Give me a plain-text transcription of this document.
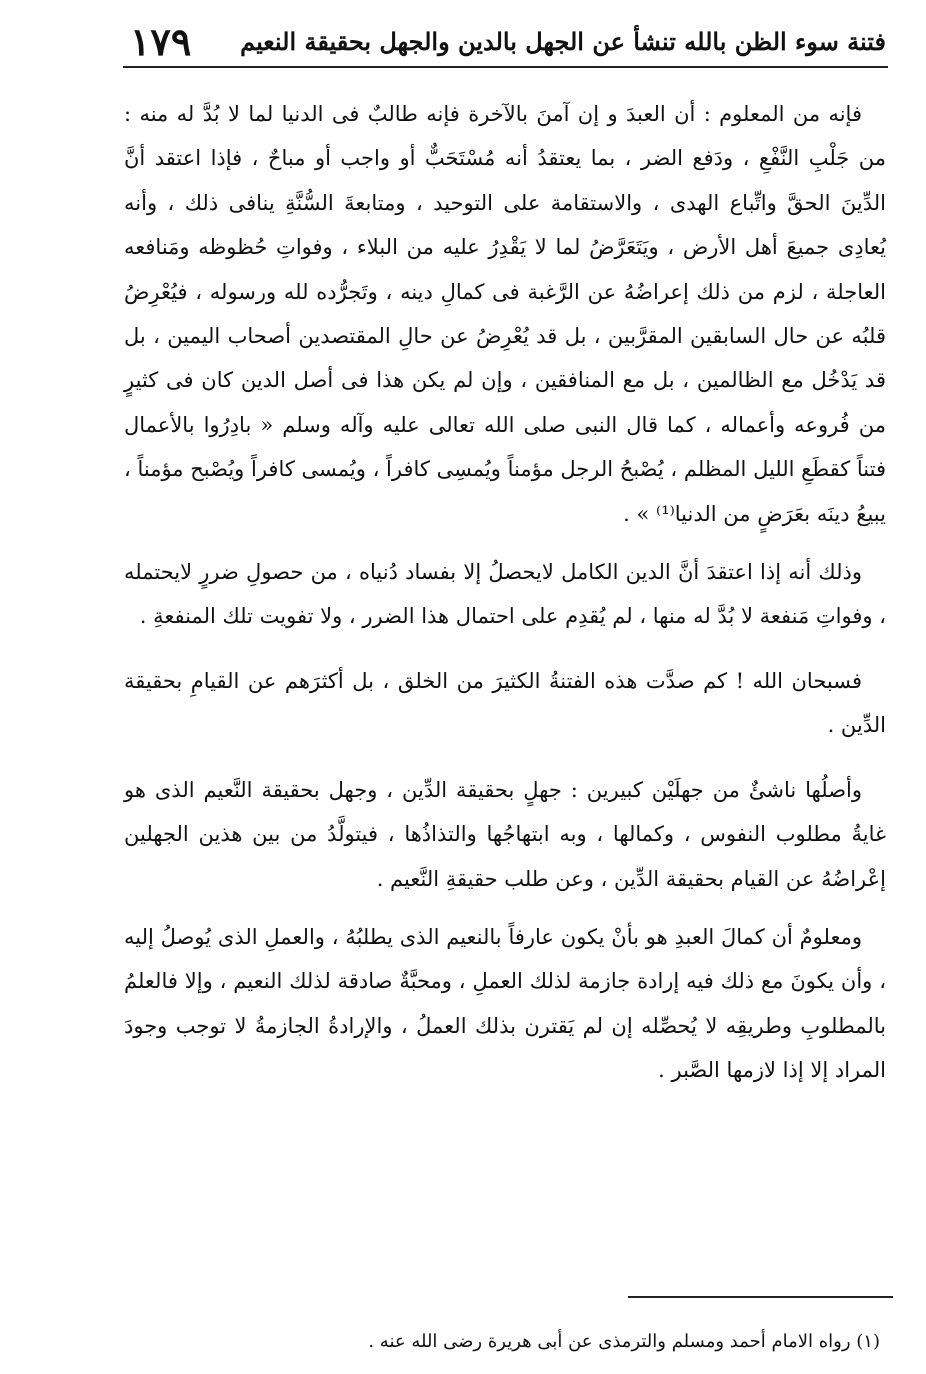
فتنة سوء الظن بالله تنشأ عن الجهل بالدين والجهل بحقيقة النعيم
١٧٩

فإنه من المعلوم : أن العبدَ و إن آمنَ بالآخرة فإنه طالبٌ فى الدنيا لما لا بُدَّ له منه : من جَلْبِ النَّفْعِ ، ودَفع الضر ، بما يعتقدُ أنه مُسْتَحَبٌّ أو واجب أو مباحٌ ، فإذا اعتقد أنَّ الدِّينَ الحقَّ واتِّباع الهدى ، والاستقامة على التوحيد ، ومتابعةَ السُّنَّةِ ينافى ذلك ، وأنه يُعادِى جميعَ أهل الأرض ، ويَتَعَرَّضُ لما لا يَقْدِرُ عليه من البلاء ، وفواتِ حُظوظه ومَنافعه العاجلة ، لزم من ذلك إعراضُهُ عن الرَّغبة فى كمالِ دينه ، وتَجرُّده لله ورسوله ، فيُعْرِضُ قلبُه عن حال السابقين المقرَّبين ، بل قد يُعْرِضُ عن حالِ المقتصدين أصحاب اليمين ، بل قد يَدْخُل مع الظالمين ، بل مع المنافقين ، وإن لم يكن هذا فى أصل الدين كان فى كثيرٍ من فُروعه وأعماله ، كما قال النبى صلى الله تعالى عليه وآله وسلم « بادِرُوا بالأعمال فتناً كقطَعِ الليل المظلم ، يُصْبحُ الرجل مؤمناً ويُمسِى كافراً ، ويُمسى كافراً ويُصْبح مؤمناً ، يبيعُ دينَه بعَرَضٍ من الدنيا⁽¹⁾ » .

وذلك أنه إذا اعتقدَ أنَّ الدين الكامل لايحصلُ إلا بفساد دُنياه ، من حصولِ ضررٍ لايحتمله ، وفواتِ مَنفعة لا بُدَّ له منها ، لم يُقدِم على احتمال هذا الضرر ، ولا تفويت تلك المنفعةِ .

فسبحان الله ! كم صدَّت هذه الفتنةُ الكثيرَ من الخلق ، بل أكثرَهم عن القيامِ بحقيقة الدِّين .

وأصلُها ناشئٌ من جهلَيْن كبيرين : جهلٍ بحقيقة الدِّين ، وجهل بحقيقة النَّعيم الذى هو غايةُ مطلوب النفوس ، وكمالها ، وبه ابتهاجُها والتذاذُها ، فيتولَّدُ من بين هذين الجهلين إعْراضُهُ عن القيام بحقيقة الدِّين ، وعن طلب حقيقةِ النَّعيم .

ومعلومٌ أن كمالَ العبدِ هو بأنْ يكون عارفاً بالنعيم الذى يطلبُهُ ، والعملِ الذى يُوصلُ إليه ، وأن يكونَ مع ذلك فيه إرادة جازمة لذلك العملِ ، ومحبَّةٌ صادقة لذلك النعيم ، وإلا فالعلمُ بالمطلوبِ وطريقِه لا يُحصِّله إن لم يَقترن بذلك العملُ ، والإرادةُ الجازمةُ لا توجب وجودَ المراد إلا إذا لازمها الصَّبر .

(١) رواه الامام أحمد ومسلم والترمذى عن أبى هريرة رضى الله عنه .
